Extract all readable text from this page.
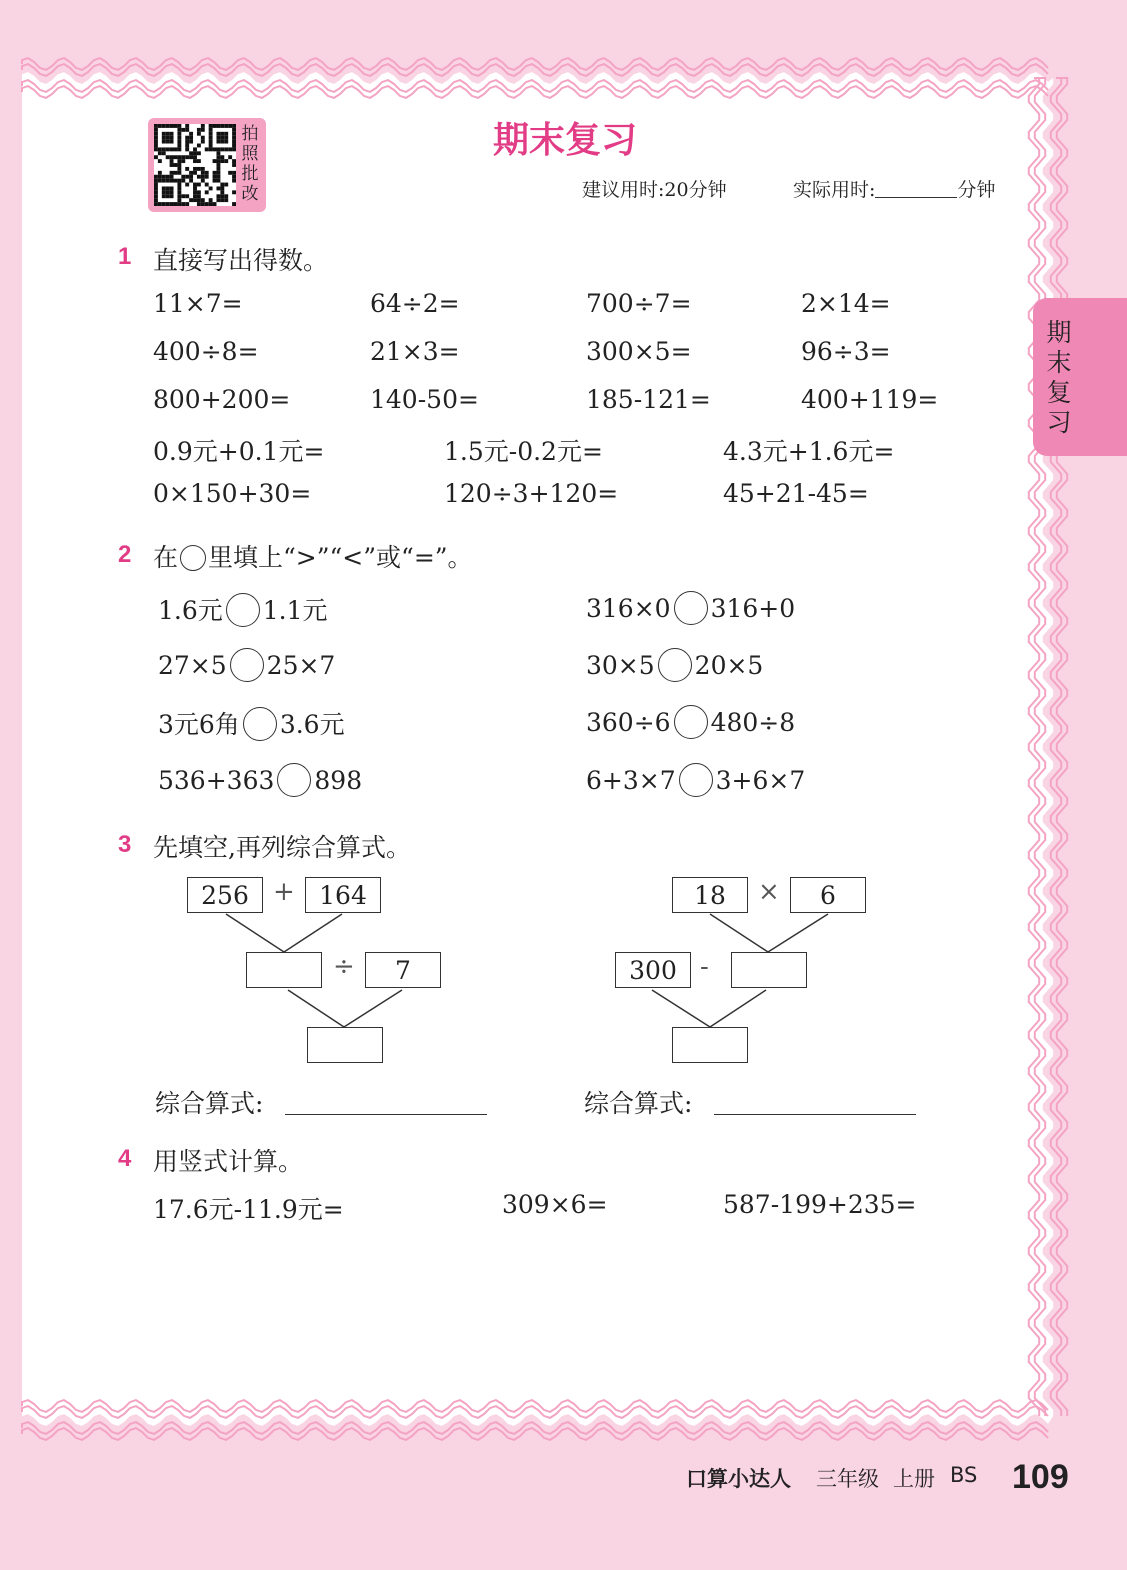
拍
照
批
改
期末复习
建议用时:20分钟	实际用时:	分钟
期
末
复
习
1 直接写出得数。
11×7=	64÷2=	700÷7=	2×14=
400÷8=	21×3=	300×5=	96÷3=
800+200=	140-50=	185-121=	400+119=
0.9元+0.1元=	1.5元-0.2元=	4.3元+1.6元=
0×150+30=	120÷3+120=	45+21-45=
2 在 里填上“>”“<”或“=”。
1.6元 1.1元	316×0 316+0
27×5 25×7	30×5 20×5
3元6角 3.6元	360÷6 480÷8
536+363 898	6+3×7 3+6×7
3 先填空,再列综合算式。
256 + 164
÷	7
18	×	6
300 -
综合算式:	综合算式:
4 用竖式计算。
17.6元-11.9元=	309×6=	587-199+235=
口算小达人 三年级 上册 BS 109
